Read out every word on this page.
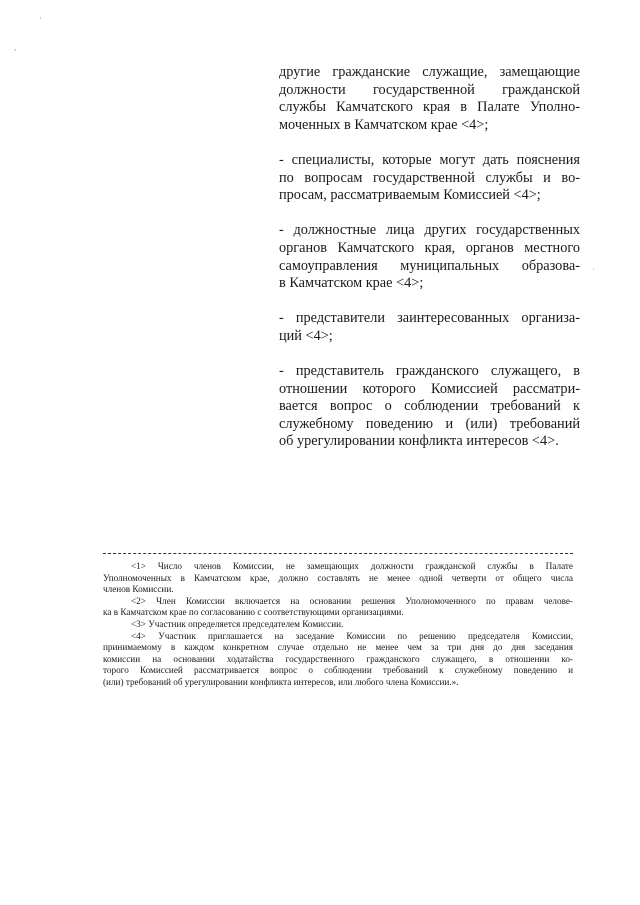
·
,
·
другие гражданские служащие, замещающие
должности государственной гражданской
службы Камчатского края в Палате Уполно-
моченных в Камчатском крае <4>;
- специалисты, которые могут дать пояснения
по вопросам государственной службы и во-
просам, рассматриваемым Комиссией <4>;
- должностные лица других государственных
органов Камчатского края, органов местного
самоуправления муниципальных образова-
в Камчатском крае <4>;
- представители заинтересованных организа-
ций <4>;
- представитель гражданского служащего, в
отношении которого Комиссией рассматри-
вается вопрос о соблюдении требований к
служебному поведению и (или) требований
об урегулировании конфликта интересов <4>.
<1> Число членов Комиссии, не замещающих должности гражданской службы в Палате
Уполномоченных в Камчатском крае, должно составлять не менее одной четверти от общего числа
членов Комиссии.
<2> Член Комиссии включается на основании решения Уполномоченного по правам челове-
ка в Камчатском крае по согласованию с соответствующими организациями.
<3> Участник определяется председателем Комиссии.
<4> Участник приглашается на заседание Комиссии по решению председателя Комиссии,
принимаемому в каждом конкретном случае отдельно не менее чем за три дня до дня заседания
комиссии на основании ходатайства государственного гражданского служащего, в отношении ко-
торого Комиссией рассматривается вопрос о соблюдении требований к служебному поведению и
(или) требований об урегулировании конфликта интересов, или любого члена Комиссии.».
